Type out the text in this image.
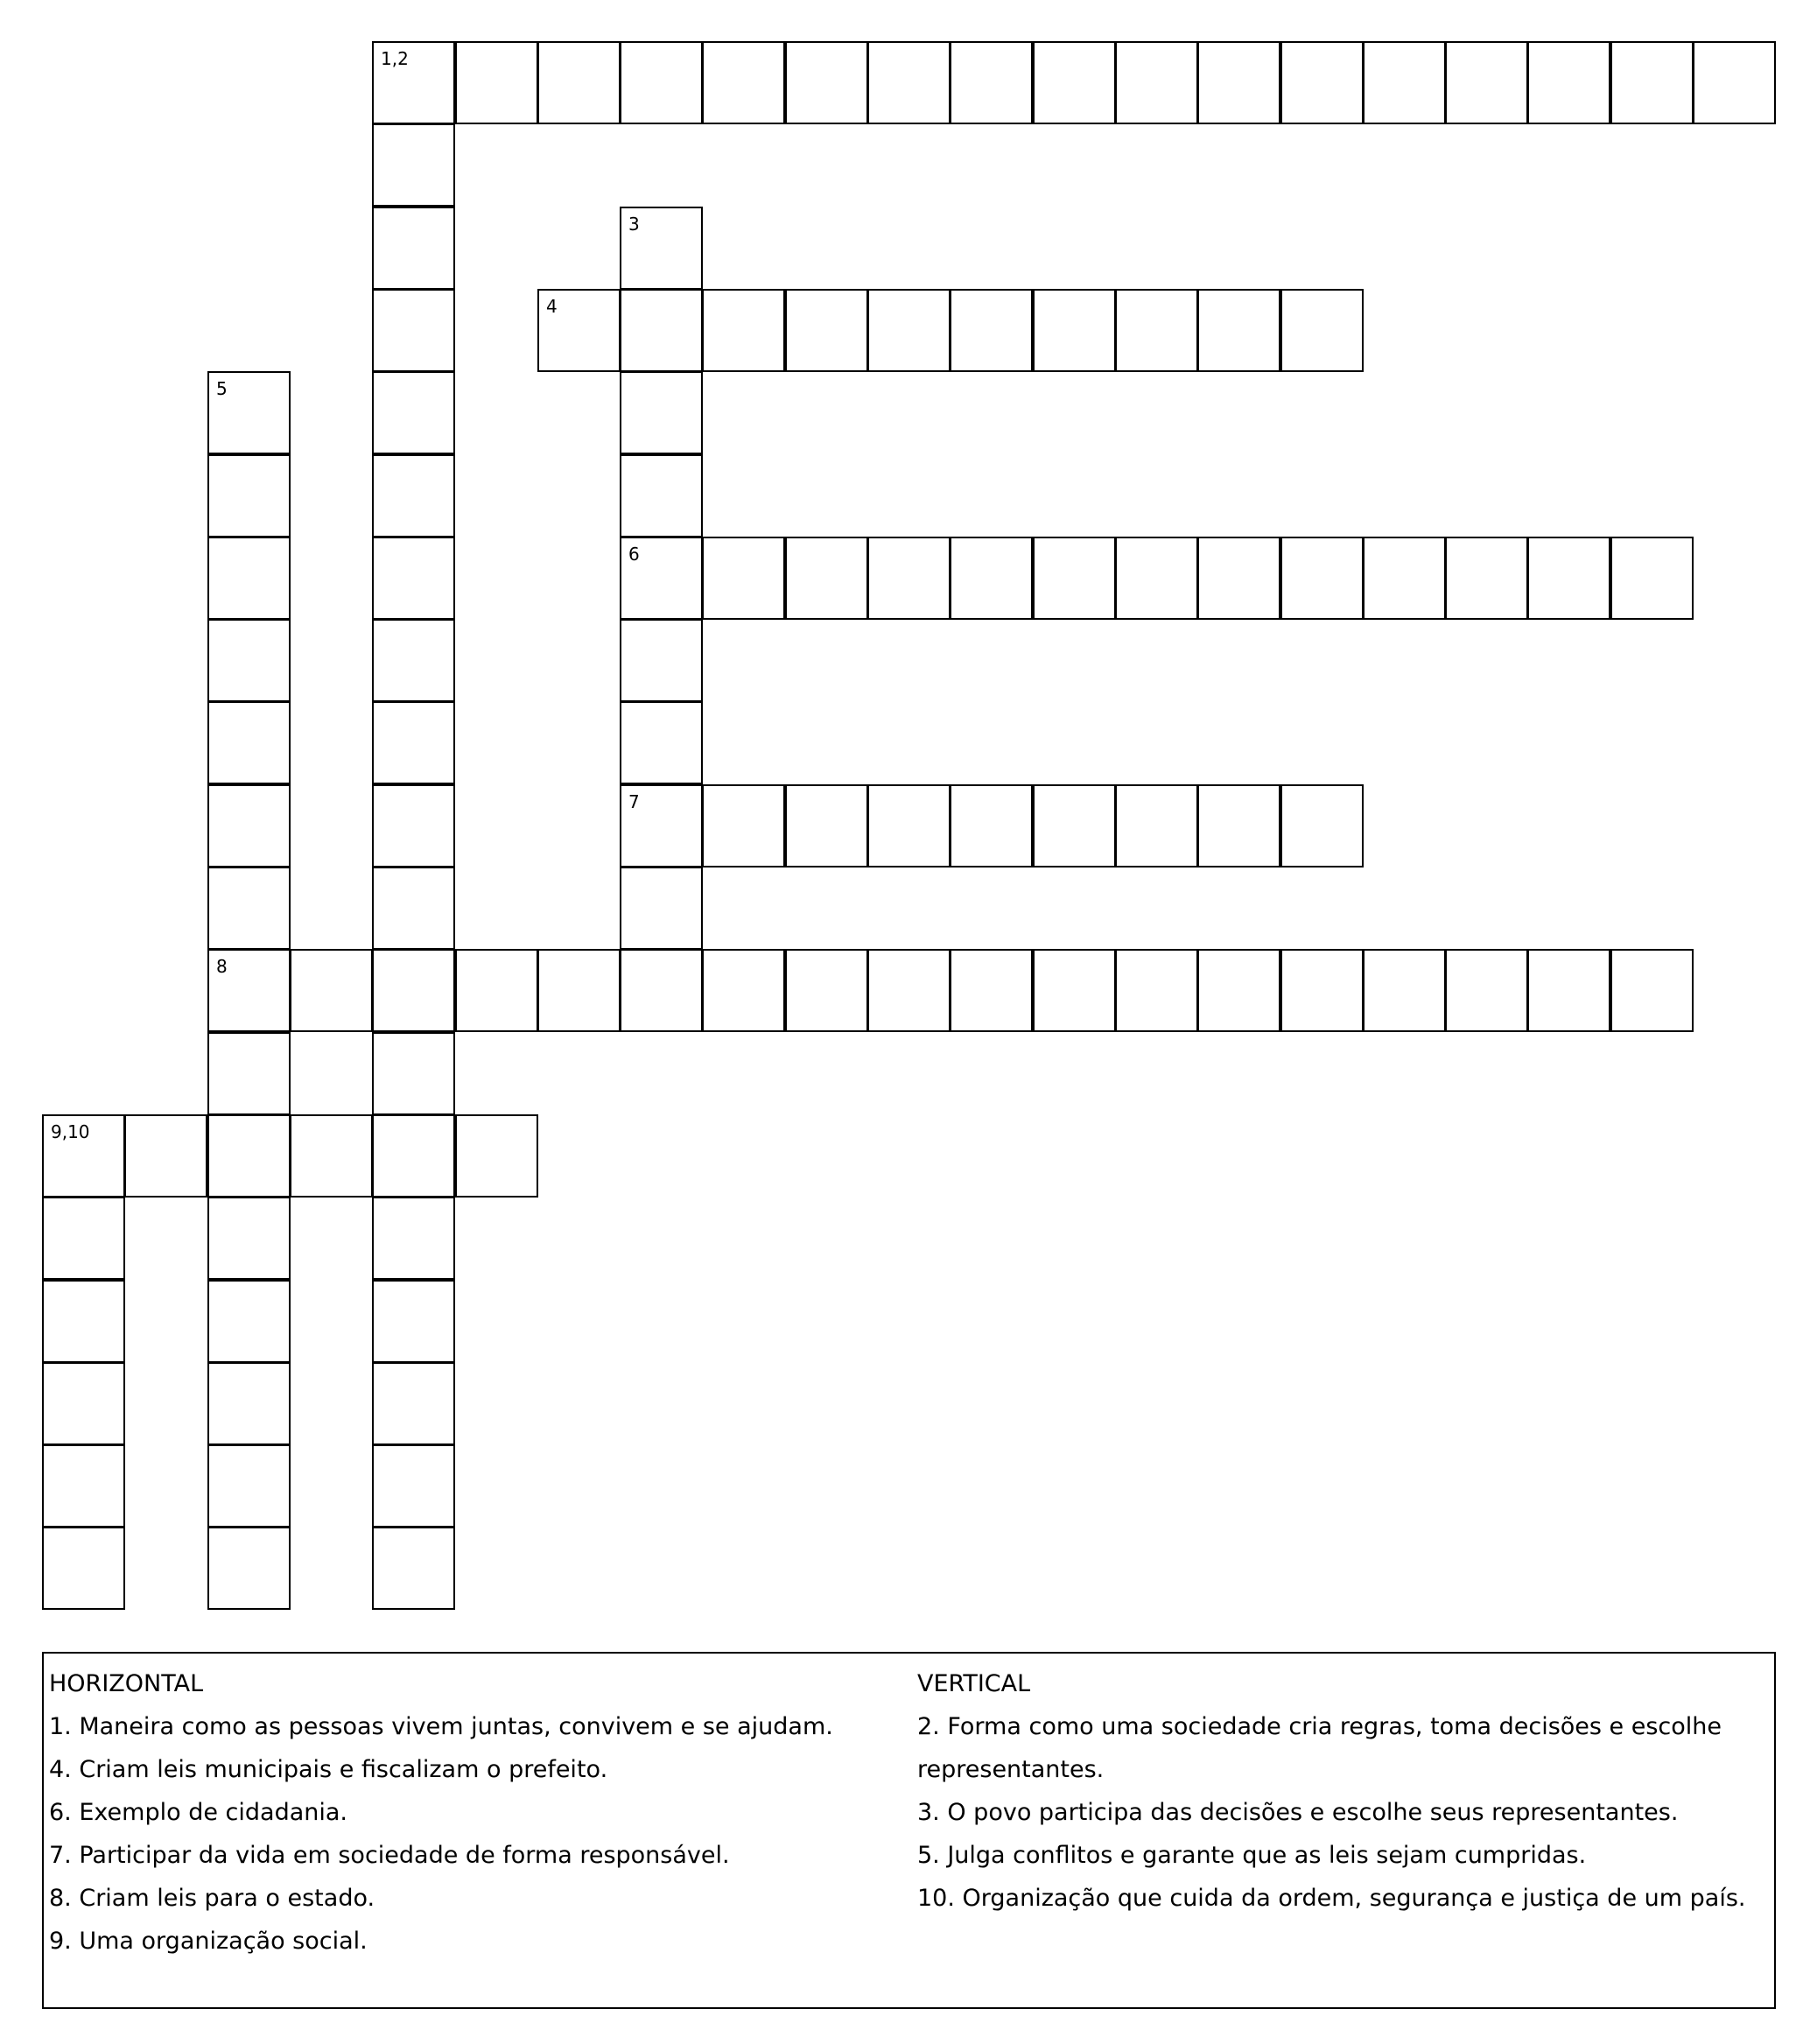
1,2
3
4
5
6
7
8
9,10

HORIZONTAL

1. Maneira como as pessoas vivem juntas, convivem e se ajudam.

4. Criam leis municipais e fiscalizam o prefeito.

6. Exemplo de cidadania.

7. Participar da vida em sociedade de forma responsável.

8. Criam leis para o estado.

9. Uma organização social.

VERTICAL

2. Forma como uma sociedade cria regras, toma decisões e escolhe representantes.

3. O povo participa das decisões e escolhe seus representantes.

5. Julga conflitos e garante que as leis sejam cumpridas.

10. Organização que cuida da ordem, segurança e justiça de um país.
